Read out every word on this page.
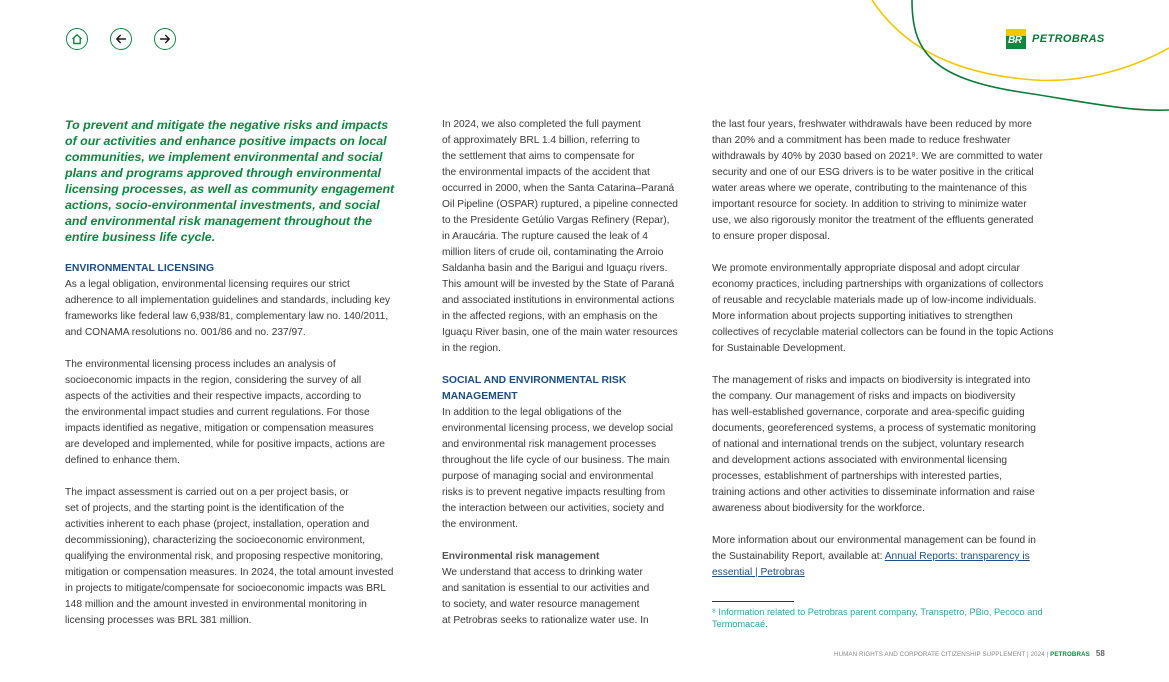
BR PETROBRAS

To prevent and mitigate the negative risks and impacts

of our activities and enhance positive impacts on local

communities, we implement environmental and social

plans and programs approved through environmental

licensing processes, as well as community engagement

actions, socio-environmental investments, and social

and environmental risk management throughout the

entire business life cycle.

ENVIRONMENTAL LICENSING

As a legal obligation, environmental licensing requires our strict

adherence to all implementation guidelines and standards, including key

frameworks like federal law 6,938/81, complementary law no. 140/2011,

and CONAMA resolutions no. 001/86 and no. 237/97.

The environmental licensing process includes an analysis of

socioeconomic impacts in the region, considering the survey of all

aspects of the activities and their respective impacts, according to

the environmental impact studies and current regulations. For those

impacts identified as negative, mitigation or compensation measures

are developed and implemented, while for positive impacts, actions are

defined to enhance them.

The impact assessment is carried out on a per project basis, or

set of projects, and the starting point is the identification of the

activities inherent to each phase (project, installation, operation and

decommissioning), characterizing the socioeconomic environment,

qualifying the environmental risk, and proposing respective monitoring,

mitigation or compensation measures. In 2024, the total amount invested

in projects to mitigate/compensate for socioeconomic impacts was BRL

148 million and the amount invested in environmental monitoring in

licensing processes was BRL 381 million.

In 2024, we also completed the full payment

of approximately BRL 1.4 billion, referring to

the settlement that aims to compensate for

the environmental impacts of the accident that

occurred in 2000, when the Santa Catarina–Paraná

Oil Pipeline (OSPAR) ruptured, a pipeline connected

to the Presidente Getúlio Vargas Refinery (Repar),

in Araucária. The rupture caused the leak of 4

million liters of crude oil, contaminating the Arroio

Saldanha basin and the Barigui and Iguaçu rivers.

This amount will be invested by the State of Paraná

and associated institutions in environmental actions

in the affected regions, with an emphasis on the

Iguaçu River basin, one of the main water resources

in the region.

SOCIAL AND ENVIRONMENTAL RISK

MANAGEMENT

In addition to the legal obligations of the

environmental licensing process, we develop social

and environmental risk management processes

throughout the life cycle of our business. The main

purpose of managing social and environmental

risks is to prevent negative impacts resulting from

the interaction between our activities, society and

the environment.

Environmental risk management

We understand that access to drinking water

and sanitation is essential to our activities and

to society, and water resource management

at Petrobras seeks to rationalize water use. In

the last four years, freshwater withdrawals have been reduced by more

than 20% and a commitment has been made to reduce freshwater

withdrawals by 40% by 2030 based on 2021⁸. We are committed to water

security and one of our ESG drivers is to be water positive in the critical

water areas where we operate, contributing to the maintenance of this

important resource for society. In addition to striving to minimize water

use, we also rigorously monitor the treatment of the effluents generated

to ensure proper disposal.

We promote environmentally appropriate disposal and adopt circular

economy practices, including partnerships with organizations of collectors

of reusable and recyclable materials made up of low-income individuals.

More information about projects supporting initiatives to strengthen

collectives of recyclable material collectors can be found in the topic Actions

for Sustainable Development.

The management of risks and impacts on biodiversity is integrated into

the company. Our management of risks and impacts on biodiversity

has well-established governance, corporate and area-specific guiding

documents, georeferenced systems, a process of systematic monitoring

of national and international trends on the subject, voluntary research

and development actions associated with environmental licensing

processes, establishment of partnerships with interested parties,

training actions and other activities to disseminate information and raise

awareness about biodiversity for the workforce.

More information about our environmental management can be found in

the Sustainability Report, available at: Annual Reports: transparency is

essential | Petrobras

⁸ Information related to Petrobras parent company, Transpetro, PBio, Pecoco and

Termomacaé.

HUMAN RIGHTS AND CORPORATE CITIZENSHIP SUPPLEMENT | 2024 | PETROBRAS 58
